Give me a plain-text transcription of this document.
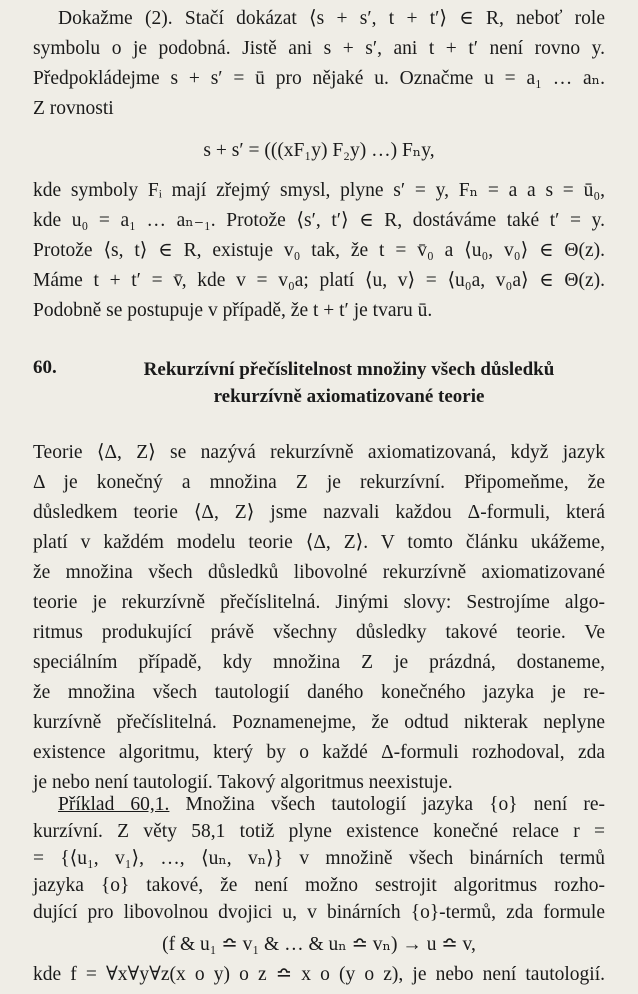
Dokažme (2). Stačí dokázat ⟨s + s′, t + t′⟩ ∈ R, neboť role
symbolu o je podobná. Jistě ani s + s′, ani t + t′ není rovno y.
Předpokládejme s + s′ = ū pro nějaké u. Označme u = a₁ … aₙ.
Z rovnosti
s + s′ = (((xF₁y) F₂y) …) Fₙy,
kde symboly Fᵢ mají zřejmý smysl, plyne s′ = y, Fₙ = a a s = ū₀,
kde u₀ = a₁ … aₙ₋₁. Protože ⟨s′, t′⟩ ∈ R, dostáváme také t′ = y.
Protože ⟨s, t⟩ ∈ R, existuje v₀ tak, že t = v̄₀ a ⟨u₀, v₀⟩ ∈ Θ(z).
Máme t + t′ = v̄, kde v = v₀a; platí ⟨u, v⟩ = ⟨u₀a, v₀a⟩ ∈ Θ(z).
Podobně se postupuje v případě, že t + t′ je tvaru ū.
60.	Rekurzívní přečíslitelnost množiny všech důsledků
rekurzívně axiomatizované teorie
Teorie ⟨Δ, Z⟩ se nazývá rekurzívně axiomatizovaná, když jazyk
Δ je konečný a množina Z je rekurzívní. Připomeňme, že
důsledkem teorie ⟨Δ, Z⟩ jsme nazvali každou Δ-formuli, která
platí v každém modelu teorie ⟨Δ, Z⟩. V tomto článku ukážeme,
že množina všech důsledků libovolné rekurzívně axiomatizované
teorie je rekurzívně přečíslitelná. Jinými slovy: Sestrojíme algo-
ritmus produkující právě všechny důsledky takové teorie. Ve
speciálním případě, kdy množina Z je prázdná, dostaneme,
že množina všech tautologií daného konečného jazyka je re-
kurzívně přečíslitelná. Poznamenejme, že odtud nikterak neplyne
existence algoritmu, který by o každé Δ-formuli rozhodoval, zda
je nebo není tautologií. Takový algoritmus neexistuje.
Příklad 60,1. Množina všech tautologií jazyka {o} není re-
kurzívní. Z věty 58,1 totiž plyne existence konečné relace r =
= {⟨u₁, v₁⟩, …, ⟨uₙ, vₙ⟩} v množině všech binárních termů
jazyka {o} takové, že není možno sestrojit algoritmus rozho-
dující pro libovolnou dvojici u, v binárních {o}-termů, zda formule
(f & u₁ ≏ v₁ & … & uₙ ≏ vₙ) → u ≏ v,
kde f = ∀x∀y∀z(x o y) o z ≏ x o (y o z), je nebo není tautologií.
